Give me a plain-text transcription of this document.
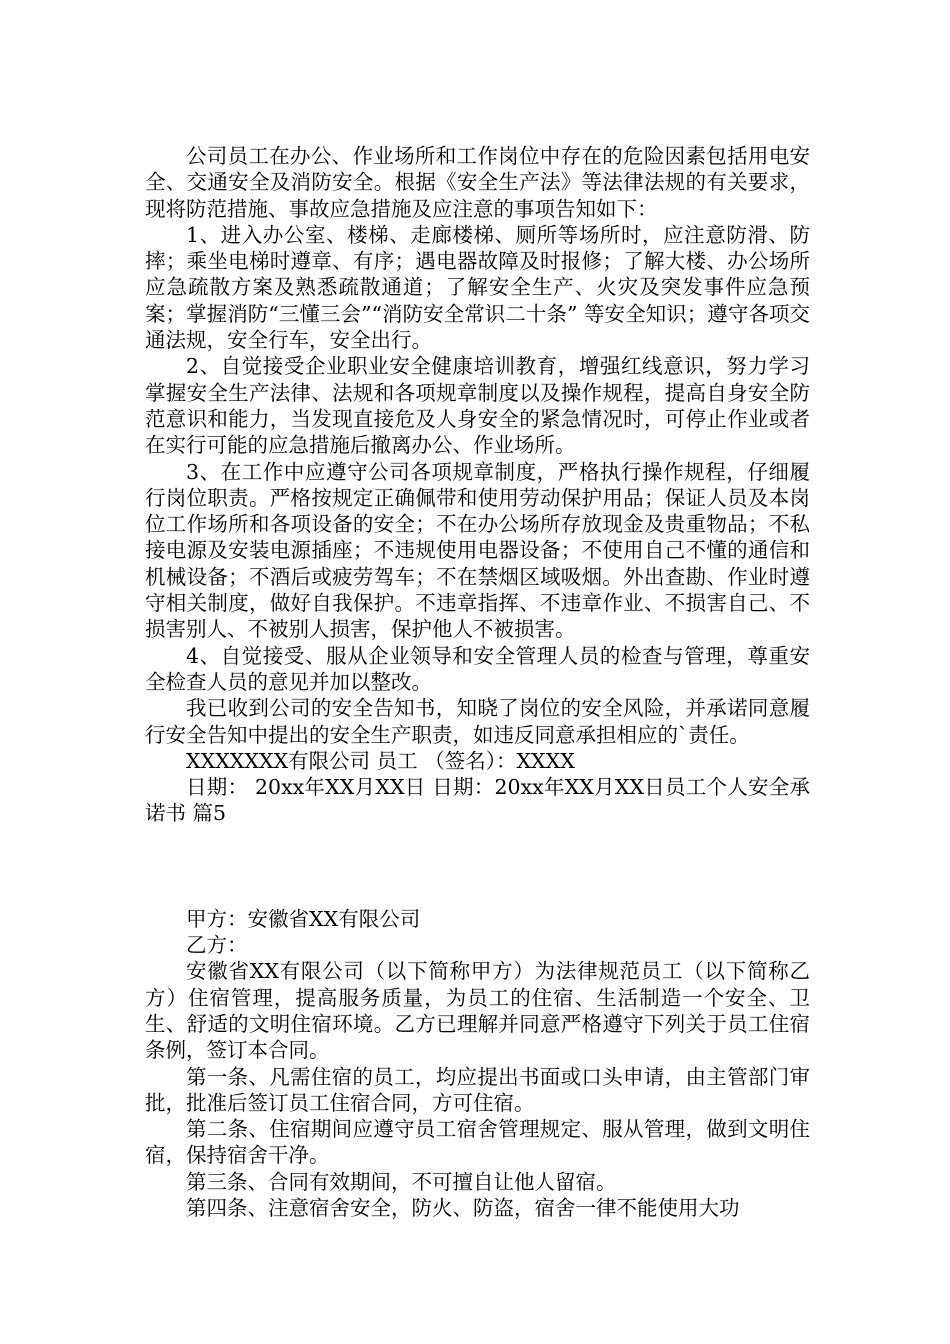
公司员工在办公、作业场所和工作岗位中存在的危险因素包括用电安全、交通安全及消防安全。根据《安全生产法》等法律法规的有关要求，现将防范措施、事故应急措施及应注意的事项告知如下：

1、进入办公室、楼梯、走廊楼梯、厕所等场所时，应注意防滑、防摔；乘坐电梯时遵章、有序；遇电器故障及时报修；了解大楼、办公场所应急疏散方案及熟悉疏散通道；了解安全生产、火灾及突发事件应急预案；掌握消防“三懂三会”“消防安全常识二十条” 等安全知识；遵守各项交通法规，安全行车，安全出行。

2、自觉接受企业职业安全健康培训教育，增强红线意识，努力学习掌握安全生产法律、法规和各项规章制度以及操作规程，提高自身安全防范意识和能力，当发现直接危及人身安全的紧急情况时，可停止作业或者在实行可能的应急措施后撤离办公、作业场所。

3、在工作中应遵守公司各项规章制度，严格执行操作规程，仔细履行岗位职责。严格按规定正确佩带和使用劳动保护用品；保证人员及本岗位工作场所和各项设备的安全；不在办公场所存放现金及贵重物品；不私接电源及安装电源插座；不违规使用电器设备；不使用自己不懂的通信和机械设备；不酒后或疲劳驾车；不在禁烟区域吸烟。外出查勘、作业时遵守相关制度，做好自我保护。不违章指挥、不违章作业、不损害自己、不损害别人、不被别人损害，保护他人不被损害。

4、自觉接受、服从企业领导和安全管理人员的检查与管理，尊重安全检查人员的意见并加以整改。

我已收到公司的安全告知书，知晓了岗位的安全风险，并承诺同意履行安全告知中提出的安全生产职责，如违反同意承担相应的`责任。

XXXXXXX有限公司 员工 （签名）：XXXX

日期： 20xx年XX月XX日 日期：20xx年XX月XX日员工个人安全承诺书 篇5

甲方：安徽省XX有限公司

乙方：

安徽省XX有限公司（以下简称甲方）为法律规范员工（以下简称乙方）住宿管理，提高服务质量，为员工的住宿、生活制造一个安全、卫生、舒适的文明住宿环境。乙方已理解并同意严格遵守下列关于员工住宿条例，签订本合同。

第一条、凡需住宿的员工，均应提出书面或口头申请，由主管部门审批，批准后签订员工住宿合同，方可住宿。

第二条、住宿期间应遵守员工宿舍管理规定、服从管理，做到文明住宿，保持宿舍干净。

第三条、合同有效期间，不可擅自让他人留宿。

第四条、注意宿舍安全，防火、防盗，宿舍一律不能使用大功
